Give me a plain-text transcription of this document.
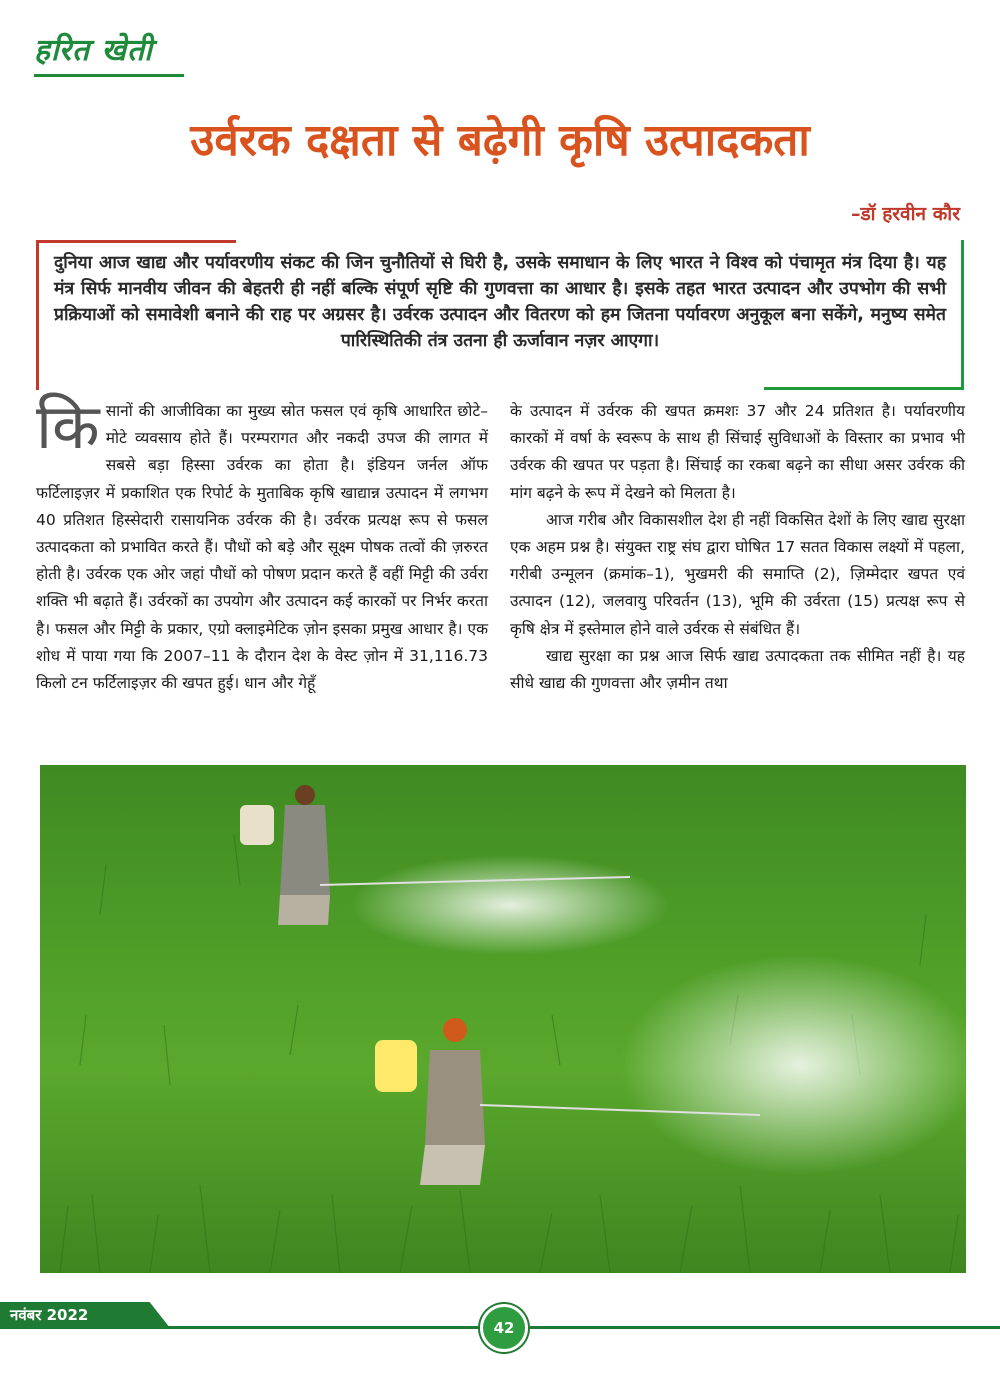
हरित खेती
उर्वरक दक्षता से बढ़ेगी कृषि उत्पादकता
–डॉ हरवीन कौर
दुनिया आज खाद्य और पर्यावरणीय संकट की जिन चुनौतियों से घिरी है, उसके समाधान के लिए भारत ने विश्व को पंचामृत मंत्र दिया है। यह मंत्र सिर्फ मानवीय जीवन की बेहतरी ही नहीं बल्कि संपूर्ण सृष्टि की गुणवत्ता का आधार है। इसके तहत भारत उत्पादन और उपभोग की सभी प्रक्रियाओं को समावेशी बनाने की राह पर अग्रसर है। उर्वरक उत्पादन और वितरण को हम जितना पर्यावरण अनुकूल बना सकेंगे, मनुष्य समेत पारिस्थितिकी तंत्र उतना ही ऊर्जावान नज़र आएगा।

किसानों की आजीविका का मुख्य स्रोत फसल एवं कृषि आधारित छोटे–मोटे व्यवसाय होते हैं। परम्परागत और नकदी उपज की लागत में सबसे बड़ा हिस्सा उर्वरक का होता है। इंडियन जर्नल ऑफ फर्टिलाइज़र में प्रकाशित एक रिपोर्ट के मुताबिक कृषि खाद्यान्न उत्पादन में लगभग 40 प्रतिशत हिस्सेदारी रासायनिक उर्वरक की है। उर्वरक प्रत्यक्ष रूप से फसल उत्पादकता को प्रभावित करते हैं। पौधों को बड़े और सूक्ष्म पोषक तत्वों की ज़रुरत होती है। उर्वरक एक ओर जहां पौधों को पोषण प्रदान करते हैं वहीं मिट्टी की उर्वरा शक्ति भी बढ़ाते हैं। उर्वरकों का उपयोग और उत्पादन कई कारकों पर निर्भर करता है। फसल और मिट्टी के प्रकार, एग्रो क्लाइमेटिक ज़ोन इसका प्रमुख आधार है। एक शोध में पाया गया कि 2007–11 के दौरान देश के वेस्ट ज़ोन में 31,116.73 किलो टन फर्टिलाइज़र की खपत हुई। धान और गेहूँ

के उत्पादन में उर्वरक की खपत क्रमशः 37 और 24 प्रतिशत है। पर्यावरणीय कारकों में वर्षा के स्वरूप के साथ ही सिंचाई सुविधाओं के विस्तार का प्रभाव भी उर्वरक की खपत पर पड़ता है। सिंचाई का रकबा बढ़ने का सीधा असर उर्वरक की मांग बढ़ने के रूप में देखने को मिलता है।

आज गरीब और विकासशील देश ही नहीं विकसित देशों के लिए खाद्य सुरक्षा एक अहम प्रश्न है। संयुक्त राष्ट्र संघ द्वारा घोषित 17 सतत विकास लक्ष्यों में पहला, गरीबी उन्मूलन (क्रमांक–1), भुखमरी की समाप्ति (2), ज़िम्मेदार खपत एवं उत्पादन (12), जलवायु परिवर्तन (13), भूमि की उर्वरता (15) प्रत्यक्ष रूप से कृषि क्षेत्र में इस्तेमाल होने वाले उर्वरक से संबंधित हैं।

खाद्य सुरक्षा का प्रश्न आज सिर्फ खाद्य उत्पादकता तक सीमित नहीं है। यह सीधे खाद्य की गुणवत्ता और ज़मीन तथा

नवंबर 2022
42
